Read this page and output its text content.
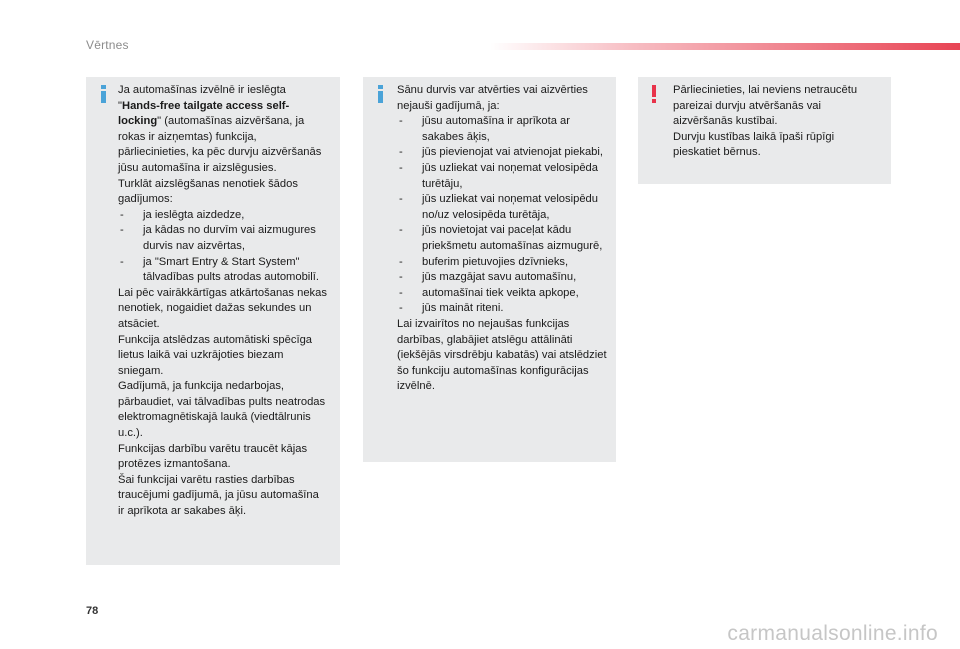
Vērtnes

Ja automašīnas izvēlnē ir ieslēgta "Hands-free tailgate access self-locking" (automašīnas aizvēršana, ja rokas ir aizņemtas) funkcija, pārliecinieties, ka pēc durvju aizvēršanās jūsu automašīna ir aizslēgusies.

Turklāt aizslēgšanas nenotiek šādos gadījumos:

- ja ieslēgta aizdedze,

- ja kādas no durvīm vai aizmugures durvis nav aizvērtas,

- ja "Smart Entry & Start System" tālvadības pults atrodas automobilī.

Lai pēc vairākkārtīgas atkārtošanas nekas nenotiek, nogaidiet dažas sekundes un atsāciet.

Funkcija atslēdzas automātiski spēcīga lietus laikā vai uzkrājoties biezam sniegam.

Gadījumā, ja funkcija nedarbojas, pārbaudiet, vai tālvadības pults neatrodas elektromagnētiskajā laukā (viedtālrunis u.c.).

Funkcijas darbību varētu traucēt kājas protēzes izmantošana.

Šai funkcijai varētu rasties darbības traucējumi gadījumā, ja jūsu automašīna ir aprīkota ar sakabes āķi.

Sānu durvis var atvērties vai aizvērties nejauši gadījumā, ja:

- jūsu automašīna ir aprīkota ar sakabes āķis,

- jūs pievienojat vai atvienojat piekabi,

- jūs uzliekat vai noņemat velosipēda turētāju,

- jūs uzliekat vai noņemat velosipēdu no/uz velosipēda turētāja,

- jūs novietojat vai paceļat kādu priekšmetu automašīnas aizmugurē,

- buferim pietuvojies dzīvnieks,

- jūs mazgājat savu automašīnu,

- automašīnai tiek veikta apkope,

- jūs maināt riteni.

Lai izvairītos no nejaušas funkcijas darbības, glabājiet atslēgu attālināti (iekšējās virsdrēbju kabatās) vai atslēdziet šo funkciju automašīnas konfigurācijas izvēlnē.

Pārliecinieties, lai neviens netraucētu pareizai durvju atvēršanās vai aizvēršanās kustībai.

Durvju kustības laikā īpaši rūpīgi pieskatiet bērnus.

78
carmanualsonline.info
